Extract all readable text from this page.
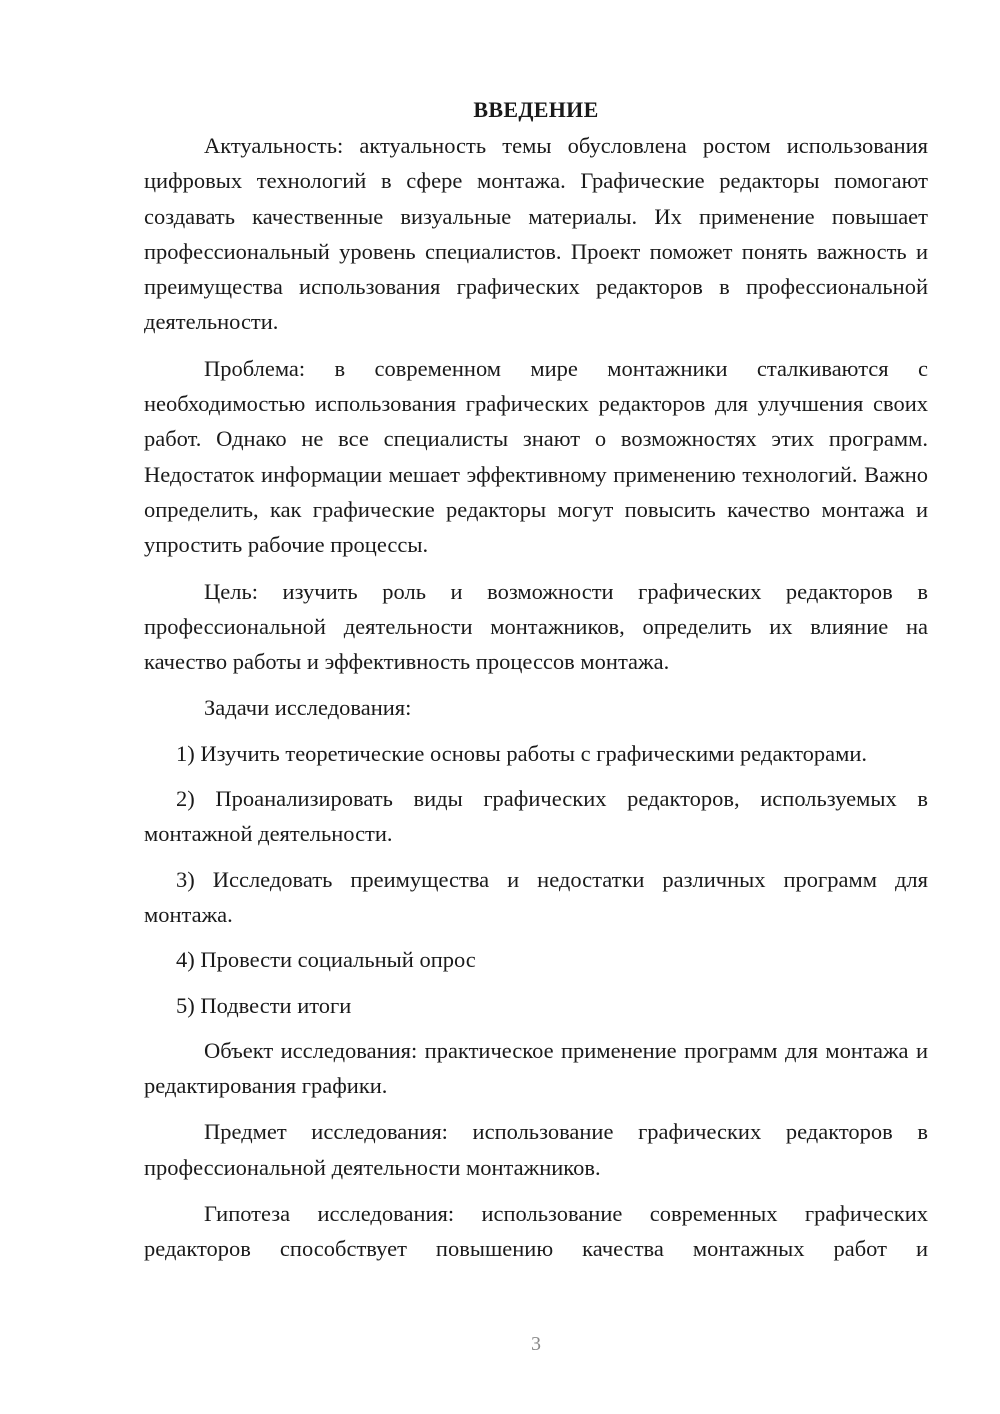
ВВЕДЕНИЕ

Актуальность: актуальность темы обусловлена ростом использования цифровых технологий в сфере монтажа. Графические редакторы помогают создавать качественные визуальные материалы. Их применение повышает профессиональный уровень специалистов. Проект поможет понять важность и преимущества использования графических редакторов в профессиональной деятельности.

Проблема: в современном мире монтажники сталкиваются с необходимостью использования графических редакторов для улучшения своих работ. Однако не все специалисты знают о возможностях этих программ. Недостаток информации мешает эффективному применению технологий. Важно определить, как графические редакторы могут повысить качество монтажа и упростить рабочие процессы.

Цель: изучить роль и возможности графических редакторов в профессиональной деятельности монтажников, определить их влияние на качество работы и эффективность процессов монтажа.

Задачи исследования:

1) Изучить теоретические основы работы с графическими редакторами.

2) Проанализировать виды графических редакторов, используемых в монтажной деятельности.

3) Исследовать преимущества и недостатки различных программ для монтажа.

4) Провести социальный опрос

5) Подвести итоги

Объект исследования: практическое применение программ для монтажа и редактирования графики.

Предмет исследования: использование графических редакторов в профессиональной деятельности монтажников.

Гипотеза исследования: использование современных графических редакторов способствует повышению качества монтажных работ и

3
